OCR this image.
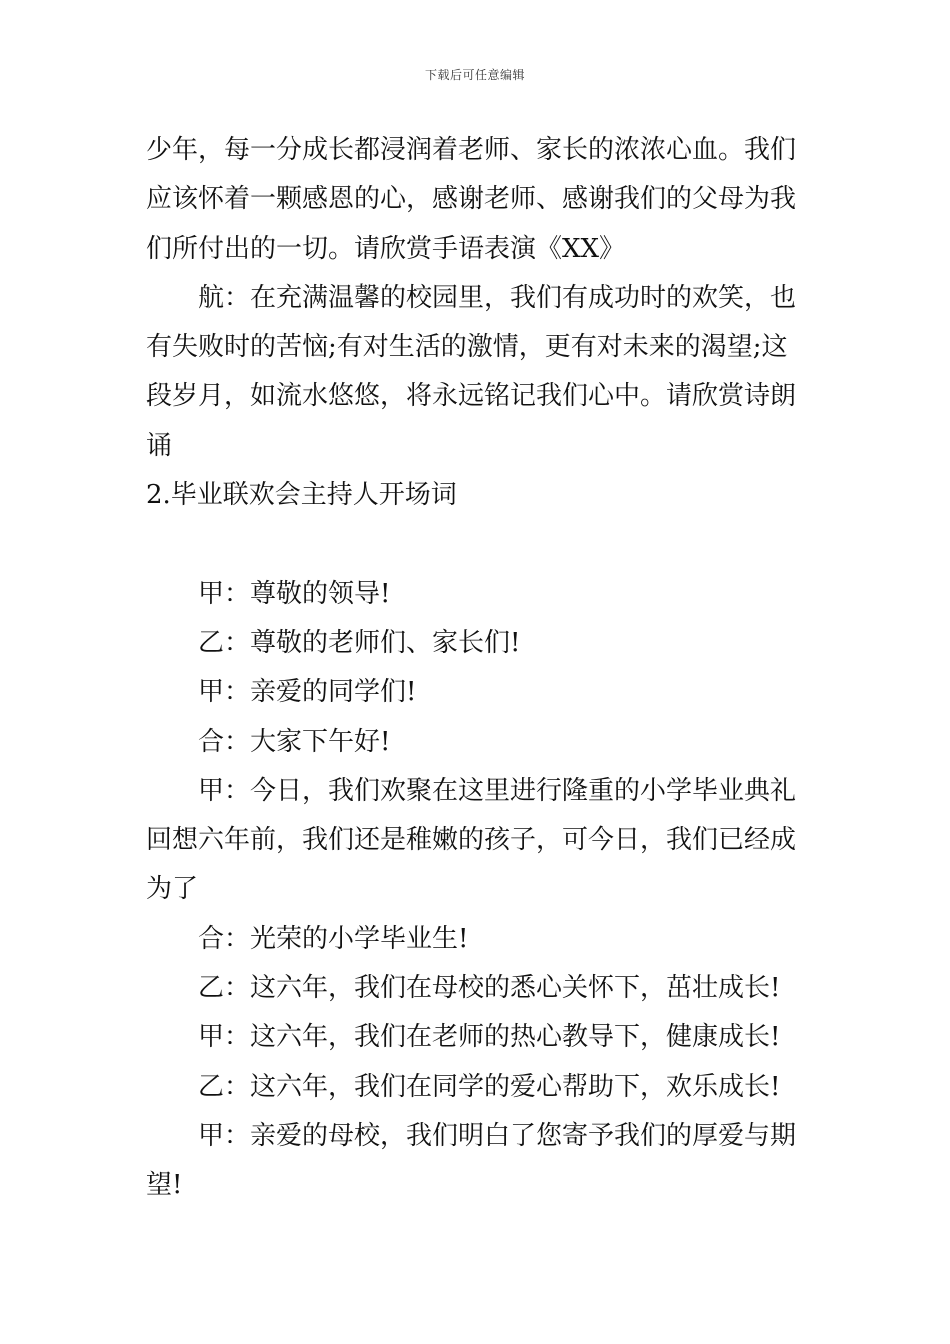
下载后可任意编辑
少年，每一分成长都浸润着老师、家长的浓浓心血。我们
应该怀着一颗感恩的心，感谢老师、感谢我们的父母为我
们所付出的一切。请欣赏手语表演《XX》
航：在充满温馨的校园里，我们有成功时的欢笑，也
有失败时的苦恼;有对生活的激情，更有对未来的渴望;这
段岁月，如流水悠悠，将永远铭记我们心中。请欣赏诗朗
诵
2.毕业联欢会主持人开场词
甲：尊敬的领导!
乙：尊敬的老师们、家长们!
甲：亲爱的同学们!
合：大家下午好!
甲：今日，我们欢聚在这里进行隆重的小学毕业典礼
回想六年前，我们还是稚嫩的孩子，可今日，我们已经成
为了
合：光荣的小学毕业生!
乙：这六年，我们在母校的悉心关怀下，茁壮成长!
甲：这六年，我们在老师的热心教导下，健康成长!
乙：这六年，我们在同学的爱心帮助下，欢乐成长!
甲：亲爱的母校，我们明白了您寄予我们的厚爱与期
望!
